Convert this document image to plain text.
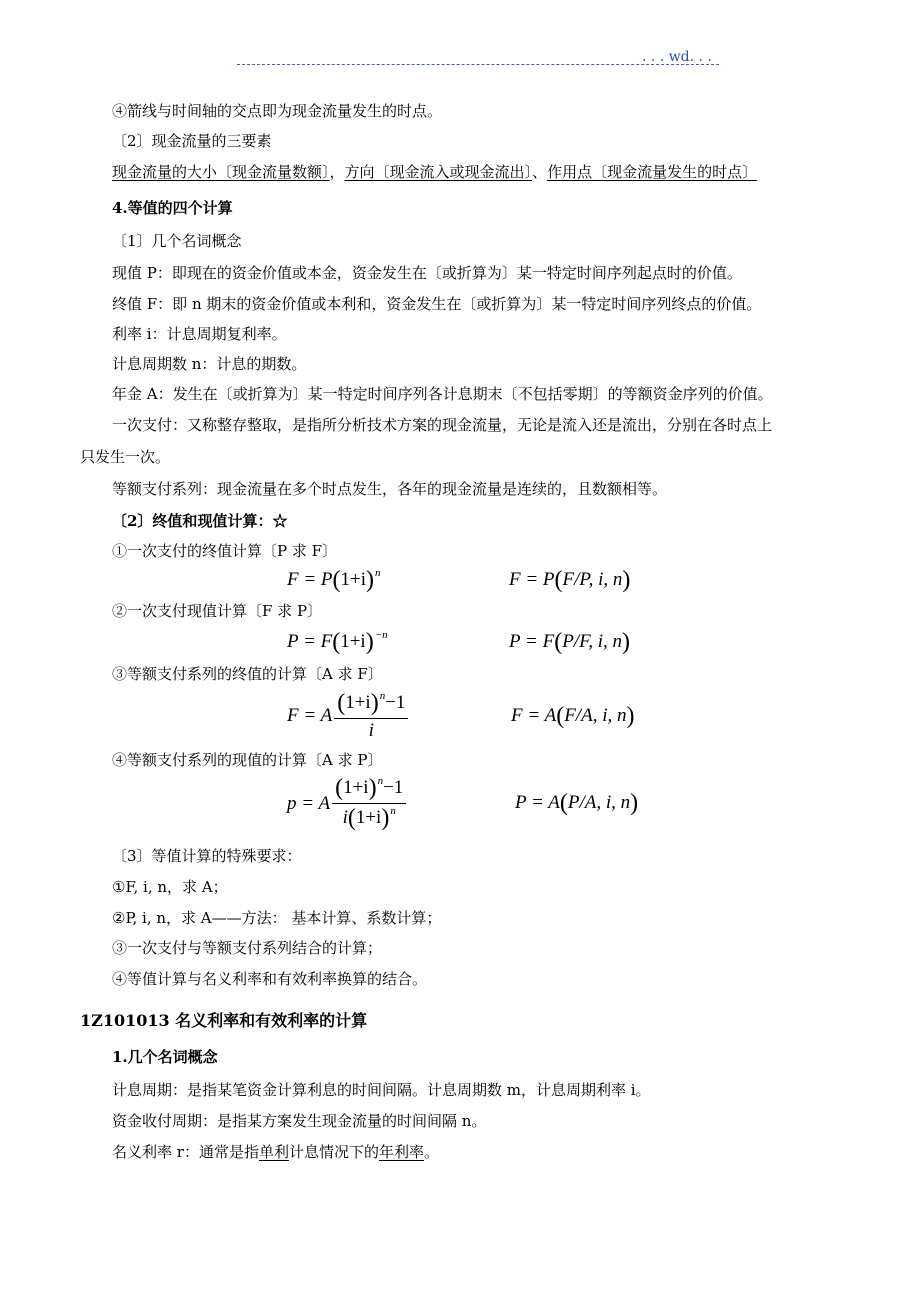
. . . wd. . .
④箭线与时间轴的交点即为现金流量发生的时点。
〔2〕现金流量的三要素
现金流量的大小〔现金流量数额〕，方向〔现金流入或现金流出〕、作用点〔现金流量发生的时点〕
4.等值的四个计算
〔1〕几个名词概念
现值 P：即现在的资金价值或本金，资金发生在〔或折算为〕某一特定时间序列起点时的价值。
终值 F：即 n 期末的资金价值或本利和，资金发生在〔或折算为〕某一特定时间序列终点的价值。
利率 i：计息周期复利率。
计息周期数 n：计息的期数。
年金 A：发生在〔或折算为〕某一特定时间序列各计息期末〔不包括零期〕的等额资金序列的价值。
一次支付：又称整存整取，是指所分析技术方案的现金流量，无论是流入还是流出，分别在各时点上
只发生一次。
等额支付系列：现金流量在多个时点发生，各年的现金流量是连续的，且数额相等。
〔2〕终值和现值计算：☆
①一次支付的终值计算〔P 求 F〕
$F = P(1+i)^n$	F = P(F/P, i, n)
②一次支付现值计算〔F 求 P〕
$P = F(1+i)^{-n}$	P = F(P/F, i, n)
③等额支付系列的终值的计算〔A 求 F〕
F = A $\frac{(1+i)^n-1}{i}$	F = A(F/A, i, n)
④等额支付系列的现值的计算〔A 求 P〕
p = A $\frac{(1+i)^n-1}{i(1+i)^n}$	P = A(P/A, i, n)
〔3〕等值计算的特殊要求：
①F, i, n，求 A；
②P, i, n，求 A——方法： 基本计算、系数计算；
③一次支付与等额支付系列结合的计算；
④等值计算与名义利率和有效利率换算的结合。
1Z101013 名义利率和有效利率的计算
1.几个名词概念
计息周期：是指某笔资金计算利息的时间间隔。计息周期数 m，计息周期利率 i。
资金收付周期：是指某方案发生现金流量的时间间隔 n。
名义利率 r：通常是指单利计息情况下的年利率。
